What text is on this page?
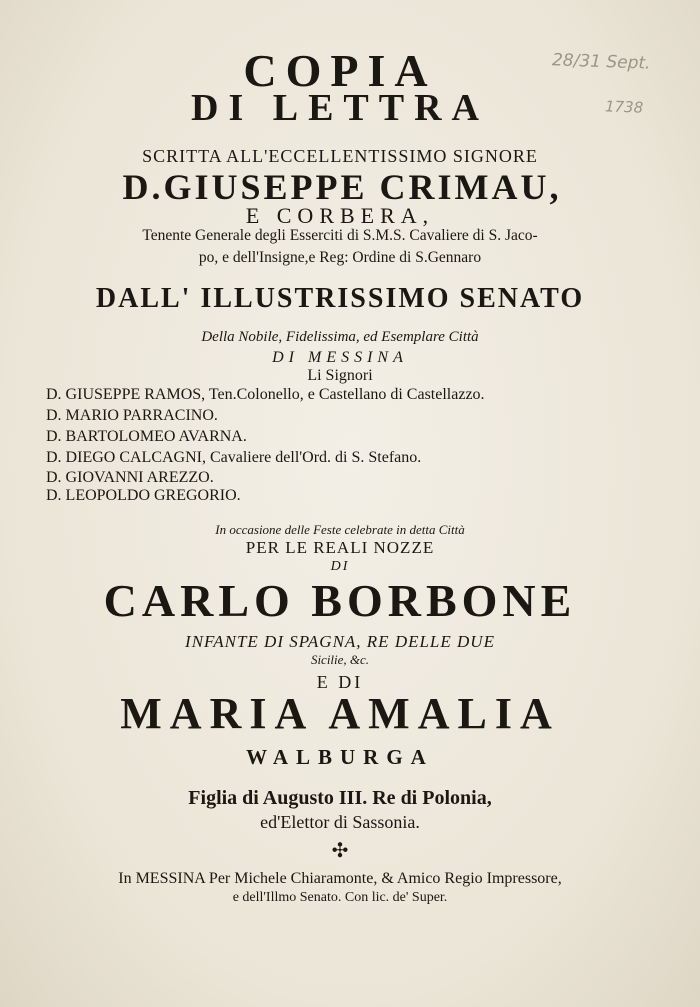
COPIA
DI LETTRA
SCRITTA ALL'ECCELLENTISSIMO SIGNORE
D.GIUSEPPE CRIMAU,
E CORBERA,
Tenente Generale degli Esserciti di S.M.S. Cavaliere di S. Jaco-
po, e dell'Insigne,e Reg: Ordine di S.Gennaro
DALL' ILLUSTRISSIMO SENATO
Della Nobile, Fidelissima, ed Esemplare Città
DI MESSINA
Li Signori
D. GIUSEPPE RAMOS, Ten.Colonello, e Castellano di Castellazzo.
D. MARIO PARRACINO.
D. BARTOLOMEO AVARNA.
D. DIEGO CALCAGNI, Cavaliere dell'Ord. di S. Stefano.
D. GIOVANNI AREZZO.
D. LEOPOLDO GREGORIO.
In occasione delle Feste celebrate in detta Città
PER LE REALI NOZZE
DI
CARLO BORBONE
INFANTE DI SPAGNA, RE DELLE DUE
Sicilie, &c.
E DI
MARIA AMALIA
WALBURGA
Figlia di Augusto III. Re di Polonia,
ed'Elettor di Sassonia.
✣
In MESSINA Per Michele Chiaramonte, & Amico Regio Impressore,
e dell'Illmo Senato. Con lic. de' Super.
28/31 Sept.
1738
